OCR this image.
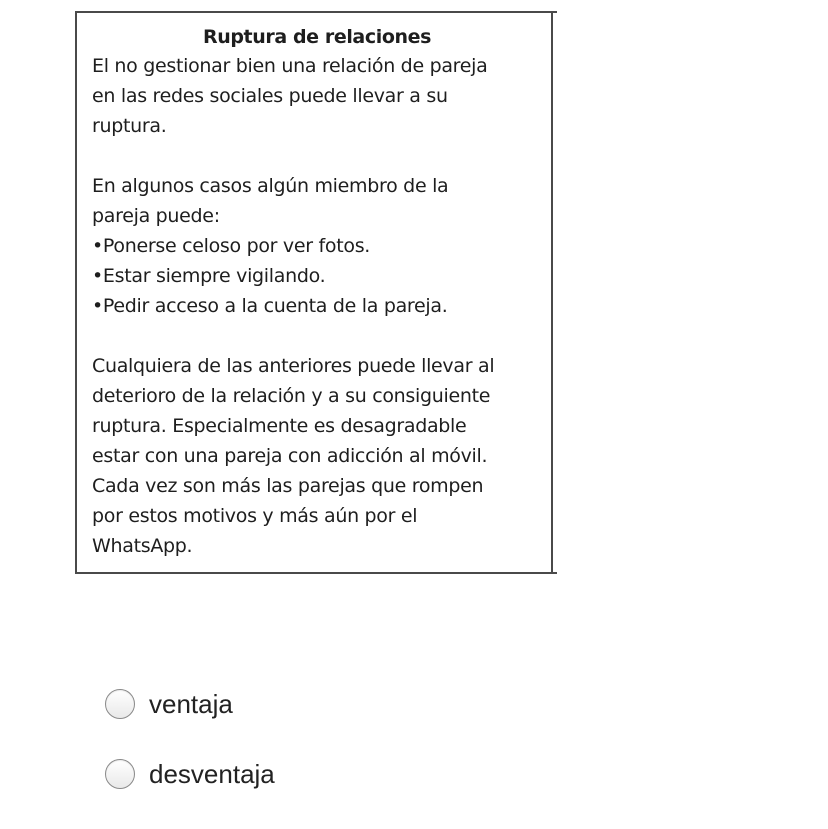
Ruptura de relaciones

El no gestionar bien una relación de pareja

en las redes sociales puede llevar a su

ruptura.

En algunos casos algún miembro de la

pareja puede:

• Ponerse celoso por ver fotos.

• Estar siempre vigilando.

• Pedir acceso a la cuenta de la pareja.

Cualquiera de las anteriores puede llevar al

deterioro de la relación y a su consiguiente

ruptura. Especialmente es desagradable

estar con una pareja con adicción al móvil.

Cada vez son más las parejas que rompen

por estos motivos y más aún por el

WhatsApp.

ventaja
desventaja
